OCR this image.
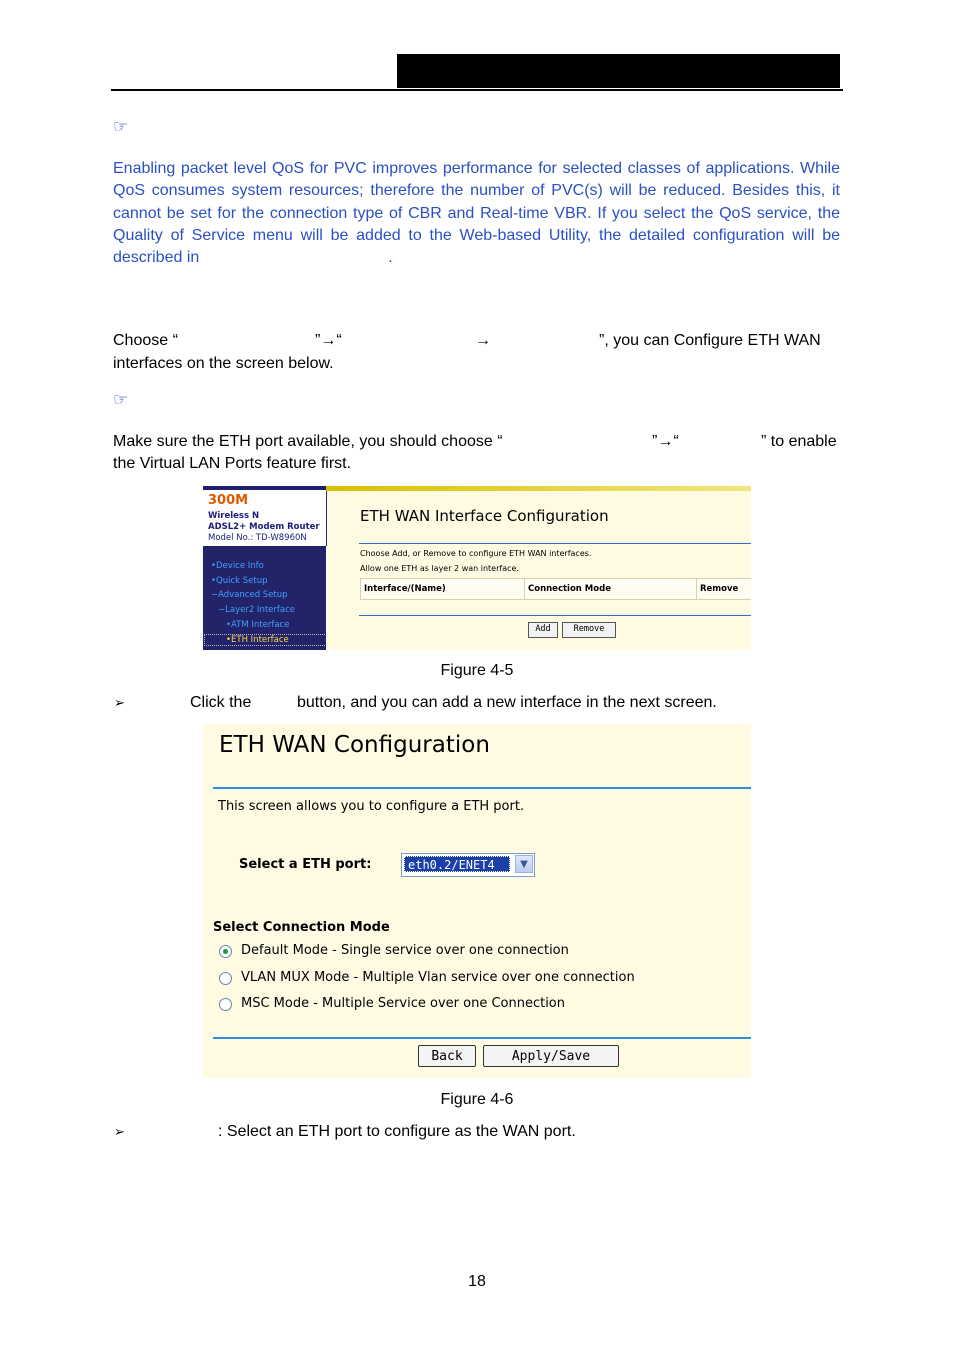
☞
Enabling packet level QoS for PVC improves performance for selected classes of applications. While QoS consumes system resources; therefore the number of PVC(s) will be reduced. Besides this, it cannot be set for the connection type of CBR and Real-time VBR. If you select the QoS service, the Quality of Service menu will be added to the Web-based Utility, the detailed configuration will be described in	.
Choose “	”→“	→	”, you can Configure ETH WAN
interfaces on the screen below.
☞
Make sure the ETH port available, you should choose “	”→“	” to enable
the Virtual LAN Ports feature first.
300M
Wireless N
ADSL2+ Modem Router
Model No.: TD-W8960N
•Device Info
•Quick Setup
−Advanced Setup
−Layer2 Interface
•ATM Interface
•ETH Interface
ETH WAN Interface Configuration
Choose Add, or Remove to configure ETH WAN interfaces.
Allow one ETH as layer 2 wan interface.
Interface/(Name)	Connection Mode	Remove
Add	Remove
Figure 4-5
➢	Click the	button, and you can add a new interface in the next screen.
ETH WAN Configuration
This screen allows you to configure a ETH port.
Select a ETH port:	eth0.2/ENET4	▼
Select Connection Mode
Default Mode - Single service over one connection
VLAN MUX Mode - Multiple Vlan service over one connection
MSC Mode - Multiple Service over one Connection
Back	Apply/Save
Figure 4-6
➢	: Select an ETH port to configure as the WAN port.
18
